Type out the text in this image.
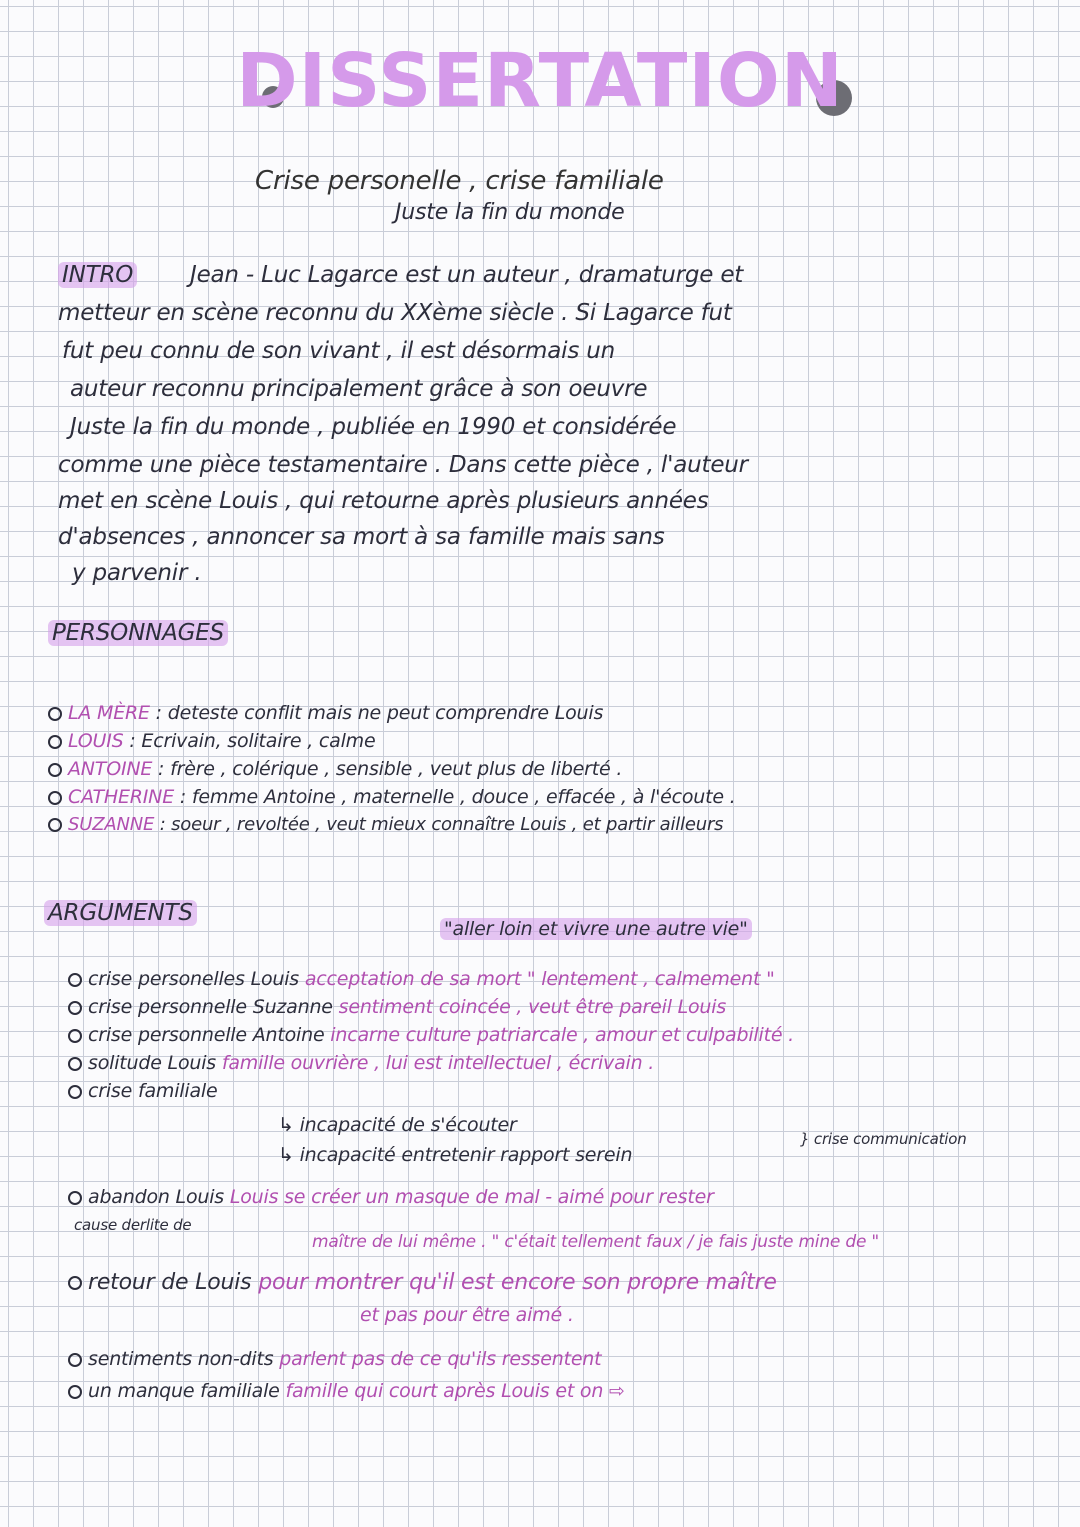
DISSERTATION
Crise personelle , crise familiale
Juste la fin du monde
INTRO Jean - Luc Lagarce est un auteur , dramaturge et
metteur en scène reconnu du XXème siècle . Si Lagarce fut
fut peu connu de son vivant , il est désormais un
auteur reconnu principalement grâce à son oeuvre
Juste la fin du monde , publiée en 1990 et considérée
comme une pièce testamentaire . Dans cette pièce , l'auteur
met en scène Louis , qui retourne après plusieurs années
d'absences , annoncer sa mort à sa famille mais sans
y parvenir .
PERSONNAGES
LA MÈRE : deteste conflit mais ne peut comprendre Louis
LOUIS : Ecrivain, solitaire , calme
ANTOINE : frère , colérique , sensible , veut plus de liberté .
CATHERINE : femme Antoine , maternelle , douce , effacée , à l'écoute .
SUZANNE : soeur , revoltée , veut mieux connaître Louis , et partir ailleurs
ARGUMENTS
"aller loin et vivre une autre vie"
crise personelles Louis acceptation de sa mort " lentement , calmement "
crise personnelle Suzanne sentiment coincée , veut être pareil Louis
crise personnelle Antoine incarne culture patriarcale , amour et culpabilité .
solitude Louis famille ouvrière , lui est intellectuel , écrivain .
crise familiale
↳ incapacité de s'écouter
↳ incapacité entretenir rapport serein
} crise communication
abandon Louis Louis se créer un masque de mal - aimé pour rester
cause derlite de
maître de lui même . " c'était tellement faux / je fais juste mine de "
retour de Louis pour montrer qu'il est encore son propre maître
et pas pour être aimé .
sentiments non-dits parlent pas de ce qu'ils ressentent
un manque familiale famille qui court après Louis et on ⇨
